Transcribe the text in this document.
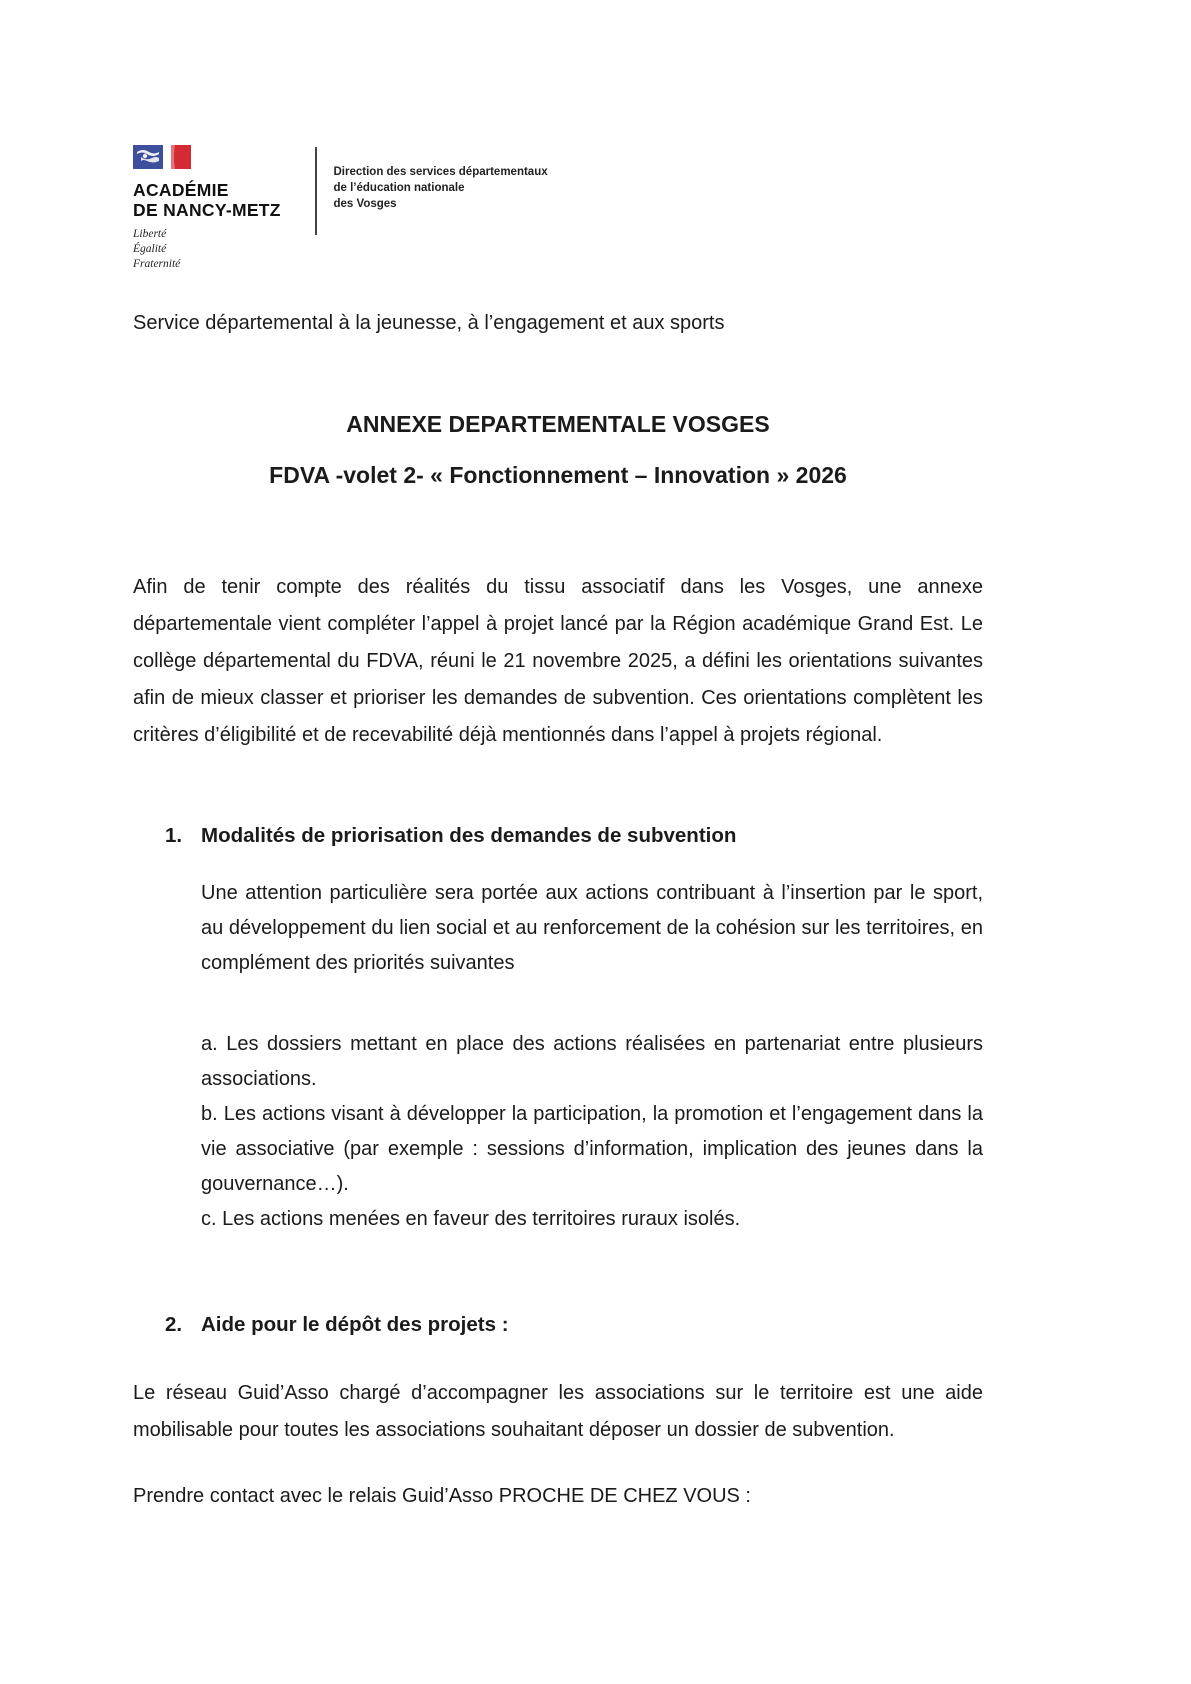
ACADÉMIE
DE NANCY-METZ
Liberté
Égalité
Fraternité
Direction des services départementaux
de l’éducation nationale
des Vosges
Service départemental à la jeunesse, à l’engagement et aux sports
ANNEXE DEPARTEMENTALE VOSGES
FDVA -volet 2- « Fonctionnement – Innovation » 2026
Afin de tenir compte des réalités du tissu associatif dans les Vosges, une annexe départementale vient compléter l’appel à projet lancé par la Région académique Grand Est. Le collège départemental du FDVA, réuni le 21 novembre 2025, a défini les orientations suivantes afin de mieux classer et prioriser les demandes de subvention. Ces orientations complètent les critères d’éligibilité et de recevabilité déjà mentionnés dans l’appel à projets régional.
1. Modalités de priorisation des demandes de subvention
Une attention particulière sera portée aux actions contribuant à l’insertion par le sport, au développement du lien social et au renforcement de la cohésion sur les territoires, en complément des priorités suivantes
a. Les dossiers mettant en place des actions réalisées en partenariat entre plusieurs associations.
b. Les actions visant à développer la participation, la promotion et l’engagement dans la vie associative (par exemple : sessions d’information, implication des jeunes dans la gouvernance…).
c. Les actions menées en faveur des territoires ruraux isolés.
2. Aide pour le dépôt des projets :
Le réseau Guid’Asso chargé d’accompagner les associations sur le territoire est une aide mobilisable pour toutes les associations souhaitant déposer un dossier de subvention.
Prendre contact avec le relais Guid’Asso PROCHE DE CHEZ VOUS :
